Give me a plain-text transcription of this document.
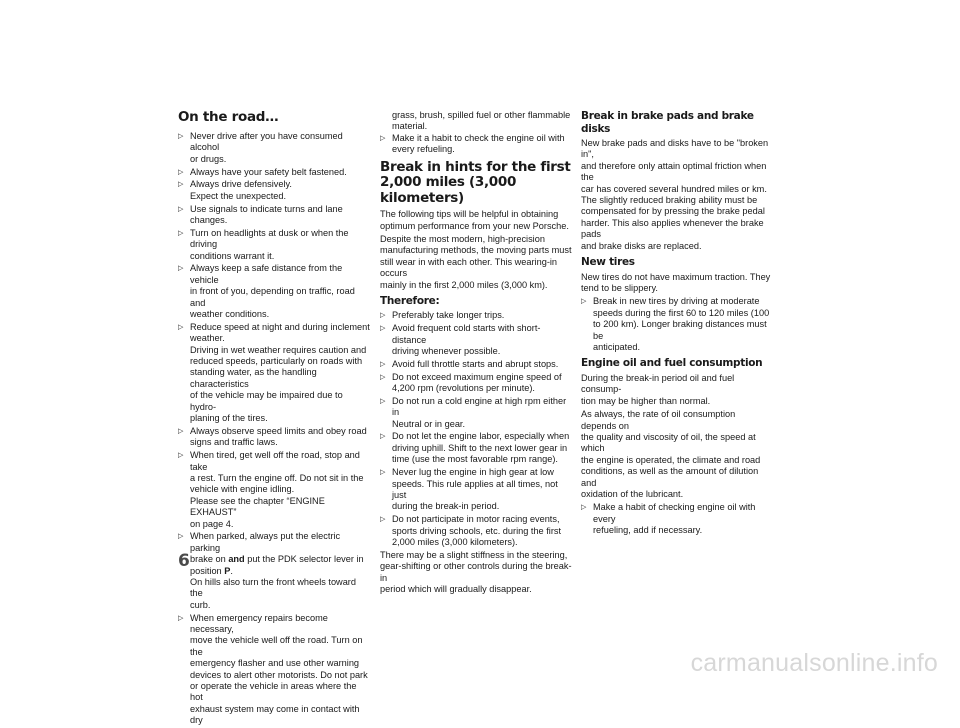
On the road…
▷ Never drive after you have consumed alcohol
or drugs.
▷ Always have your safety belt fastened.
▷ Always drive defensively.
Expect the unexpected.
▷ Use signals to indicate turns and lane changes.
▷ Turn on headlights at dusk or when the driving
conditions warrant it.
▷ Always keep a safe distance from the vehicle
in front of you, depending on traffic, road and
weather conditions.
▷ Reduce speed at night and during inclement
weather.
Driving in wet weather requires caution and
reduced speeds, particularly on roads with
standing water, as the handling characteristics
of the vehicle may be impaired due to hydro-
planing of the tires.
▷ Always observe speed limits and obey road
signs and traffic laws.
▷ When tired, get well off the road, stop and take
a rest. Turn the engine off. Do not sit in the
vehicle with engine idling.
Please see the chapter “ENGINE EXHAUST”
on page 4.
▷ When parked, always put the electric parking
brake on and put the PDK selector lever in
position P.
On hills also turn the front wheels toward the
curb.
▷ When emergency repairs become necessary,
move the vehicle well off the road. Turn on the
emergency flasher and use other warning
devices to alert other motorists. Do not park
or operate the vehicle in areas where the hot
exhaust system may come in contact with dry
grass, brush, spilled fuel or other flammable
material.
▷ Make it a habit to check the engine oil with
every refueling.
Break in hints for the first
2,000 miles (3,000 kilometers)

The following tips will be helpful in obtaining
optimum performance from your new Porsche.

Despite the most modern, high-precision
manufacturing methods, the moving parts must
still wear in with each other. This wearing-in occurs
mainly in the first 2,000 miles (3,000 km).

Therefore:
▷ Preferably take longer trips.
▷ Avoid frequent cold starts with short-distance
driving whenever possible.
▷ Avoid full throttle starts and abrupt stops.
▷ Do not exceed maximum engine speed of
4,200 rpm (revolutions per minute).
▷ Do not run a cold engine at high rpm either in
Neutral or in gear.
▷ Do not let the engine labor, especially when
driving uphill. Shift to the next lower gear in
time (use the most favorable rpm range).
▷ Never lug the engine in high gear at low
speeds. This rule applies at all times, not just
during the break-in period.
▷ Do not participate in motor racing events,
sports driving schools, etc. during the first
2,000 miles (3,000 kilometers).

There may be a slight stiffness in the steering,
gear-shifting or other controls during the break-in
period which will gradually disappear.

Break in brake pads and brake disks

New brake pads and disks have to be "broken in",
and therefore only attain optimal friction when the
car has covered several hundred miles or km.
The slightly reduced braking ability must be
compensated for by pressing the brake pedal
harder. This also applies whenever the brake pads
and brake disks are replaced.

New tires

New tires do not have maximum traction. They
tend to be slippery.

▷ Break in new tires by driving at moderate
speeds during the first 60 to 120 miles (100
to 200 km). Longer braking distances must be
anticipated.
Engine oil and fuel consumption

During the break-in period oil and fuel consump-
tion may be higher than normal.

As always, the rate of oil consumption depends on
the quality and viscosity of oil, the speed at which
the engine is operated, the climate and road
conditions, as well as the amount of dilution and
oxidation of the lubricant.

▷ Make a habit of checking engine oil with every
refueling, add if necessary.
6
carmanualsonline.info
